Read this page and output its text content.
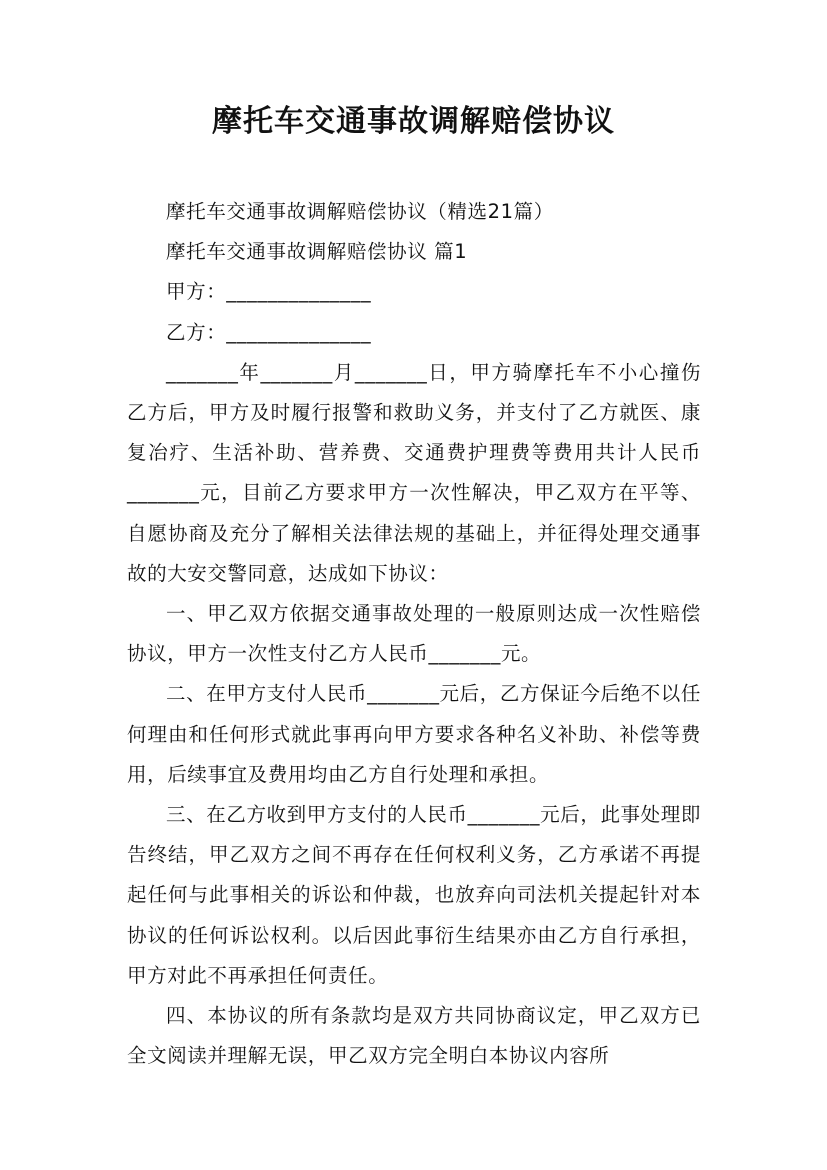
摩托车交通事故调解赔偿协议

摩托车交通事故调解赔偿协议（精选21篇）

摩托车交通事故调解赔偿协议 篇1

甲方：______________

乙方：______________

_______年_______月_______日，甲方骑摩托车不小心撞伤乙方后，甲方及时履行报警和救助义务，并支付了乙方就医、康复冶疗、生活补助、营养费、交通费护理费等费用共计人民币_______元，目前乙方要求甲方一次性解决，甲乙双方在平等、自愿协商及充分了解相关法律法规的基础上，并征得处理交通事故的大安交警同意，达成如下协议：

一、甲乙双方依据交通事故处理的一般原则达成一次性赔偿协议，甲方一次性支付乙方人民币_______元。

二、在甲方支付人民币_______元后，乙方保证今后绝不以任何理由和任何形式就此事再向甲方要求各种名义补助、补偿等费用，后续事宜及费用均由乙方自行处理和承担。

三、在乙方收到甲方支付的人民币_______元后，此事处理即告终结，甲乙双方之间不再存在任何权利义务，乙方承诺不再提起任何与此事相关的诉讼和仲裁，也放弃向司法机关提起针对本协议的任何诉讼权利。以后因此事衍生结果亦由乙方自行承担，甲方对此不再承担任何责任。

四、本协议的所有条款均是双方共同协商议定，甲乙双方已全文阅读并理解无误，甲乙双方完全明白本协议内容所
